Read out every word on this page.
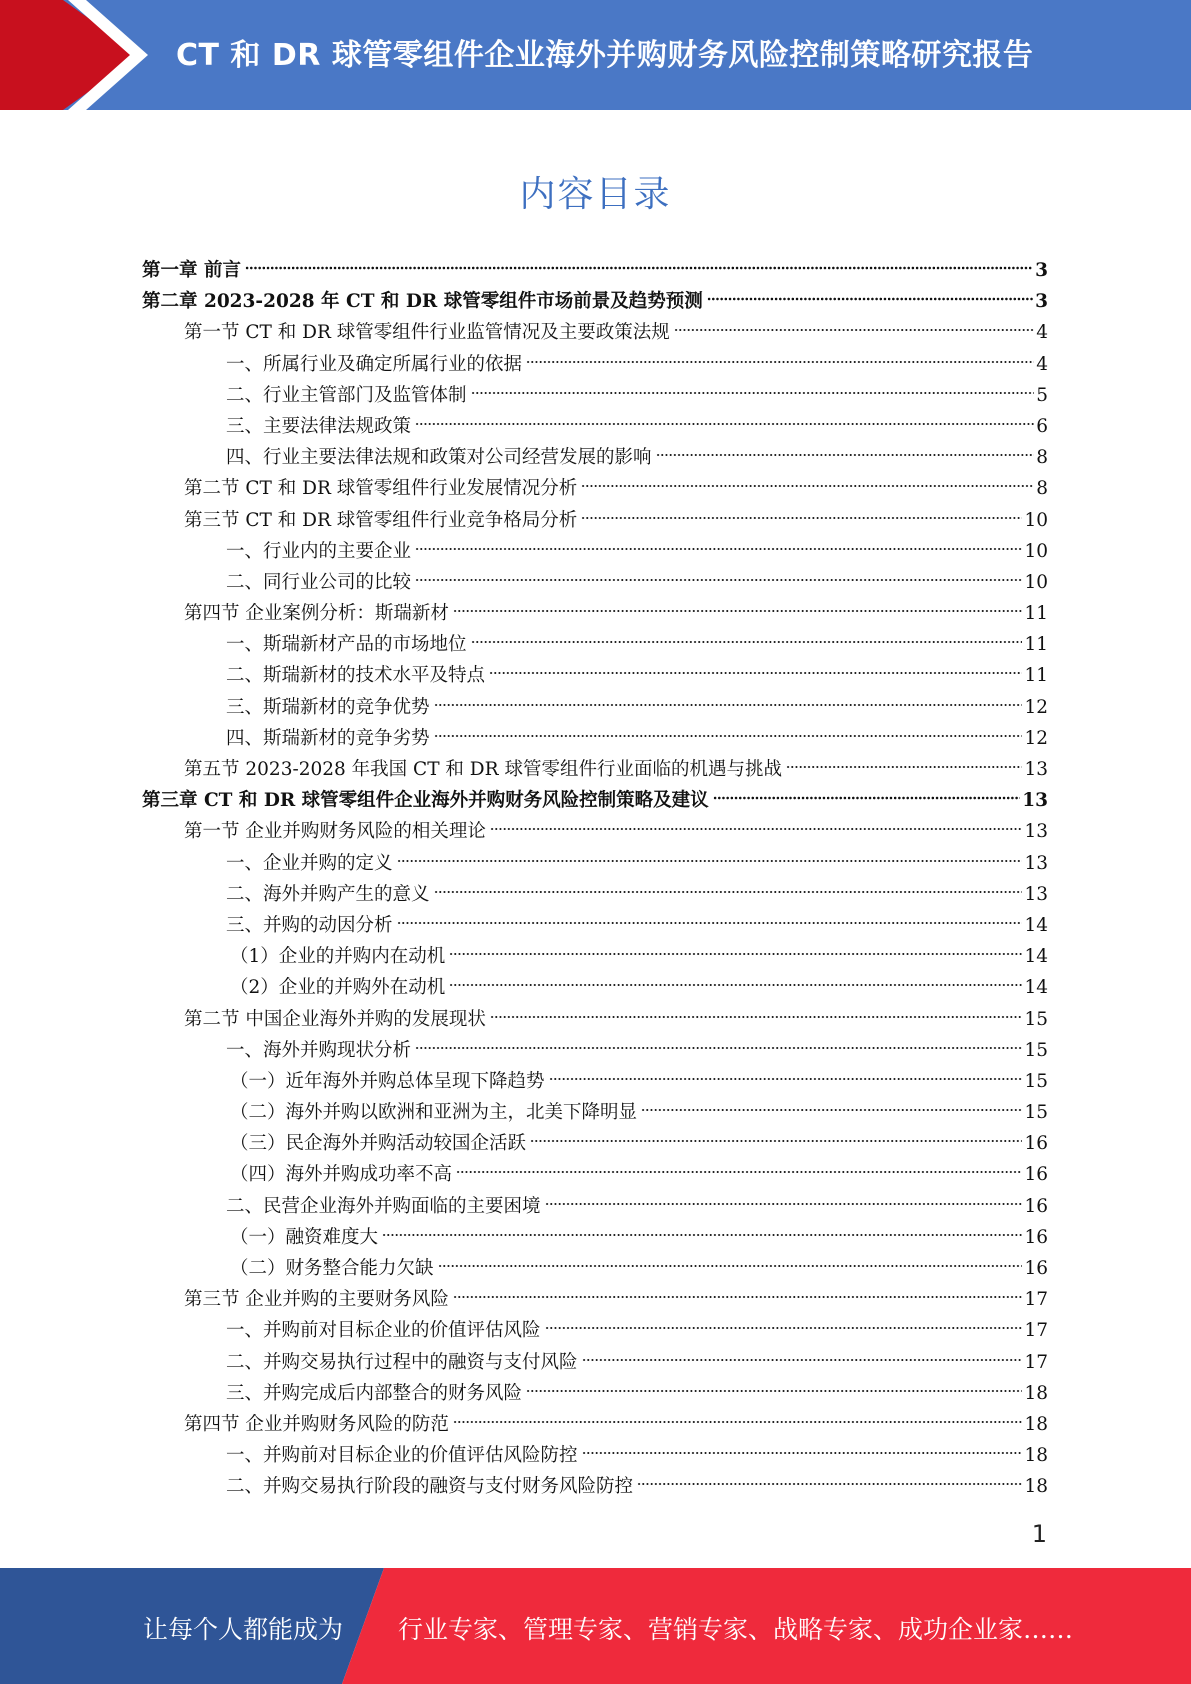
CT 和 DR 球管零组件企业海外并购财务风险控制策略研究报告
内容目录
第一章 前言	3
第二章 2023-2028 年 CT 和 DR 球管零组件市场前景及趋势预测	3
第一节 CT 和 DR 球管零组件行业监管情况及主要政策法规	4
一、所属行业及确定所属行业的依据	4
二、行业主管部门及监管体制	5
三、主要法律法规政策	6
四、行业主要法律法规和政策对公司经营发展的影响	8
第二节 CT 和 DR 球管零组件行业发展情况分析	8
第三节 CT 和 DR 球管零组件行业竞争格局分析	10
一、行业内的主要企业	10
二、同行业公司的比较	10
第四节 企业案例分析：斯瑞新材	11
一、斯瑞新材产品的市场地位	11
二、斯瑞新材的技术水平及特点	11
三、斯瑞新材的竞争优势	12
四、斯瑞新材的竞争劣势	12
第五节 2023-2028 年我国 CT 和 DR 球管零组件行业面临的机遇与挑战	13
第三章 CT 和 DR 球管零组件企业海外并购财务风险控制策略及建议	13
第一节 企业并购财务风险的相关理论	13
一、企业并购的定义	13
二、海外并购产生的意义	13
三、并购的动因分析	14
（1）企业的并购内在动机	14
（2）企业的并购外在动机	14
第二节 中国企业海外并购的发展现状	15
一、海外并购现状分析	15
（一）近年海外并购总体呈现下降趋势	15
（二）海外并购以欧洲和亚洲为主，北美下降明显	15
（三）民企海外并购活动较国企活跃	16
（四）海外并购成功率不高	16
二、民营企业海外并购面临的主要困境	16
（一）融资难度大	16
（二）财务整合能力欠缺	16
第三节 企业并购的主要财务风险	17
一、并购前对目标企业的价值评估风险	17
二、并购交易执行过程中的融资与支付风险	17
三、并购完成后内部整合的财务风险	18
第四节 企业并购财务风险的防范	18
一、并购前对目标企业的价值评估风险防控	18
二、并购交易执行阶段的融资与支付财务风险防控	18
1
让每个人都能成为 行业专家、管理专家、营销专家、战略专家、成功企业家……
